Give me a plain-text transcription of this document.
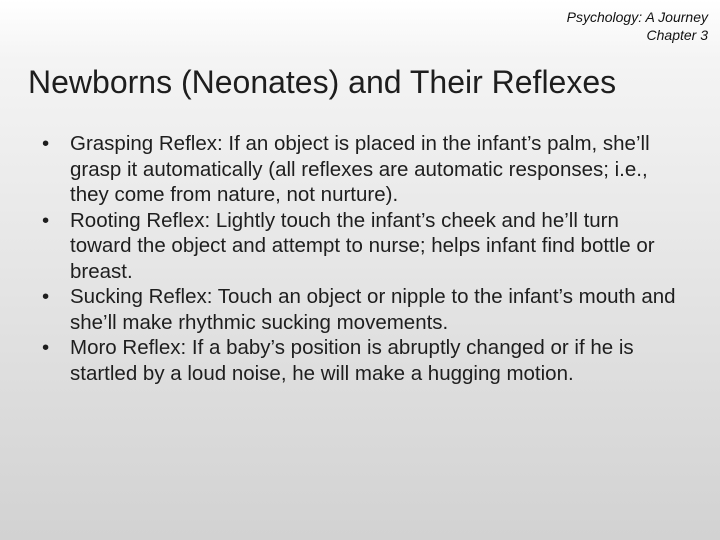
Psychology: A Journey
Chapter 3
Newborns (Neonates) and Their Reflexes
•	Grasping Reflex: If an object is placed in the infant’s palm, she’ll grasp it automatically (all reflexes are automatic responses; i.e., they come from nature, not nurture).
•	Rooting Reflex: Lightly touch the infant’s cheek and he’ll turn toward the object and attempt to nurse; helps infant find bottle or breast.
•	Sucking Reflex: Touch an object or nipple to the infant’s mouth and she’ll make rhythmic sucking movements.
•	Moro Reflex: If a baby’s position is abruptly changed or if he is startled by a loud noise, he will make a hugging motion.
